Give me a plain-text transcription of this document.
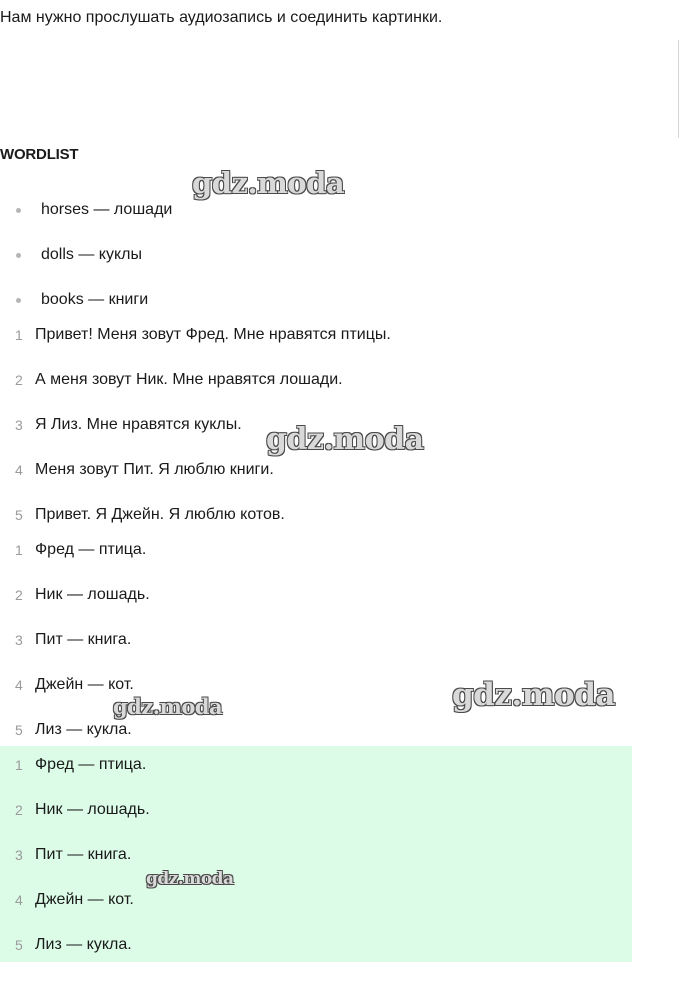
Нам нужно прослушать аудиозапись и соединить картинки.

WORDLIST
horses — лошади
dolls — куклы
books — книги
1 Привет! Меня зовут Фред. Мне нравятся птицы.
2 А меня зовут Ник. Мне нравятся лошади.
3 Я Лиз. Мне нравятся куклы.
4 Меня зовут Пит. Я люблю книги.
5 Привет. Я Джейн. Я люблю котов.
1 Фред — птица.
2 Ник — лошадь.
3 Пит — книга.
4 Джейн — кот.
5 Лиз — кукла.
1 Фред — птица.
2 Ник — лошадь.
3 Пит — книга.
4 Джейн — кот.
5 Лиз — кукла.
gdz.moda
gdz.moda
gdz.moda
gdz.moda
gdz.moda
